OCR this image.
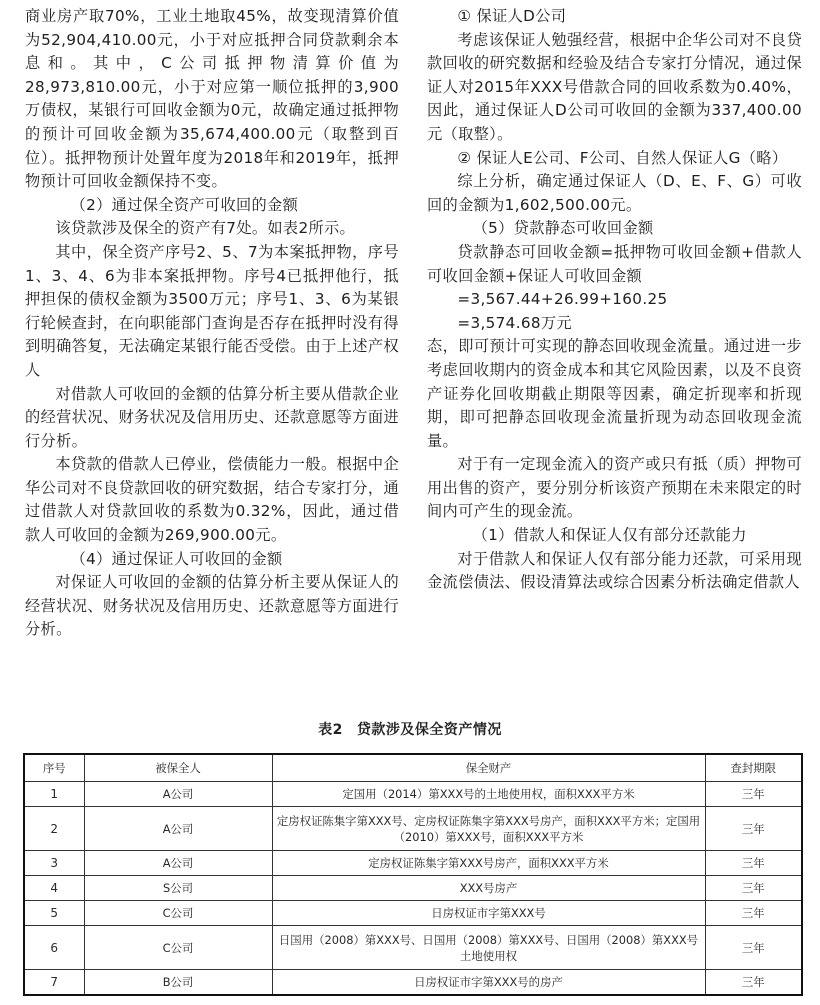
商业房产取70%，工业土地取45%，故变现清算价值为52,904,410.00元，小于对应抵押合同贷款剩余本息和。其中，C公司抵押物清算价值为28,973,810.00元，小于对应第一顺位抵押的3,900万债权，某银行可回收金额为0元，故确定通过抵押物的预计可回收金额为35,674,400.00元（取整到百位）。抵押物预计处置年度为2018年和2019年，抵押物预计可回收金额保持不变。

（2）通过保全资产可收回的金额

该贷款涉及保全的资产有7处。如表2所示。

其中，保全资产序号2、5、7为本案抵押物，序号1、3、4、6为非本案抵押物。序号4已抵押他行，抵押担保的债权金额为3500万元；序号1、3、6为某银行轮候查封，在向职能部门查询是否存在抵押时没有得到明确答复，无法确定某银行能否受偿。由于上述产权人

对借款人可收回的金额的估算分析主要从借款企业的经营状况、财务状况及信用历史、还款意愿等方面进行分析。

本贷款的借款人已停业，偿债能力一般。根据中企华公司对不良贷款回收的研究数据，结合专家打分，通过借款人对贷款回收的系数为0.32%，因此，通过借款人可收回的金额为269,900.00元。

（4）通过保证人可收回的金额

对保证人可收回的金额的估算分析主要从保证人的经营状况、财务状况及信用历史、还款意愿等方面进行分析。

① 保证人D公司

考虑该保证人勉强经营，根据中企华公司对不良贷款回收的研究数据和经验及结合专家打分情况，通过保证人对2015年XXX号借款合同的回收系数为0.40%，因此，通过保证人D公司可收回的金额为337,400.00元（取整）。

② 保证人E公司、F公司、自然人保证人G（略）

综上分析，确定通过保证人（D、E、F、G）可收回的金额为1,602,500.00元。

（5）贷款静态可收回金额

贷款静态可回收金额=抵押物可收回金额+借款人可收回金额+保证人可收回金额

=3,567.44+26.99+160.25

=3,574.68万元

态，即可预计可实现的静态回收现金流量。通过进一步考虑回收期内的资金成本和其它风险因素，以及不良资产证券化回收期截止期限等因素，确定折现率和折现期，即可把静态回收现金流量折现为动态回收现金流量。

对于有一定现金流入的资产或只有抵（质）押物可用出售的资产，要分别分析该资产预期在未来限定的时间内可产生的现金流。

（1）借款人和保证人仅有部分还款能力

对于借款人和保证人仅有部分能力还款，可采用现金流偿债法、假设清算法或综合因素分析法确定借款人

表2 贷款涉及保全资产情况
序号	被保全人	保全财产	查封期限
1	A公司	定国用（2014）第XXX号的土地使用权，面积XXX平方米	三年
2	A公司	定房权证陈集字第XXX号、定房权证陈集字第XXX号房产，面积XXX平方米；定国用（2010）第XXX号，面积XXX平方米	三年
3	A公司	定房权证陈集字第XXX号房产，面积XXX平方米	三年
4	S公司	XXX号房产	三年
5	C公司	日房权证市字第XXX号	三年
6	C公司	日国用（2008）第XXX号、日国用（2008）第XXX号、日国用（2008）第XXX号土地使用权	三年
7	B公司	日房权证市字第XXX号的房产	三年
